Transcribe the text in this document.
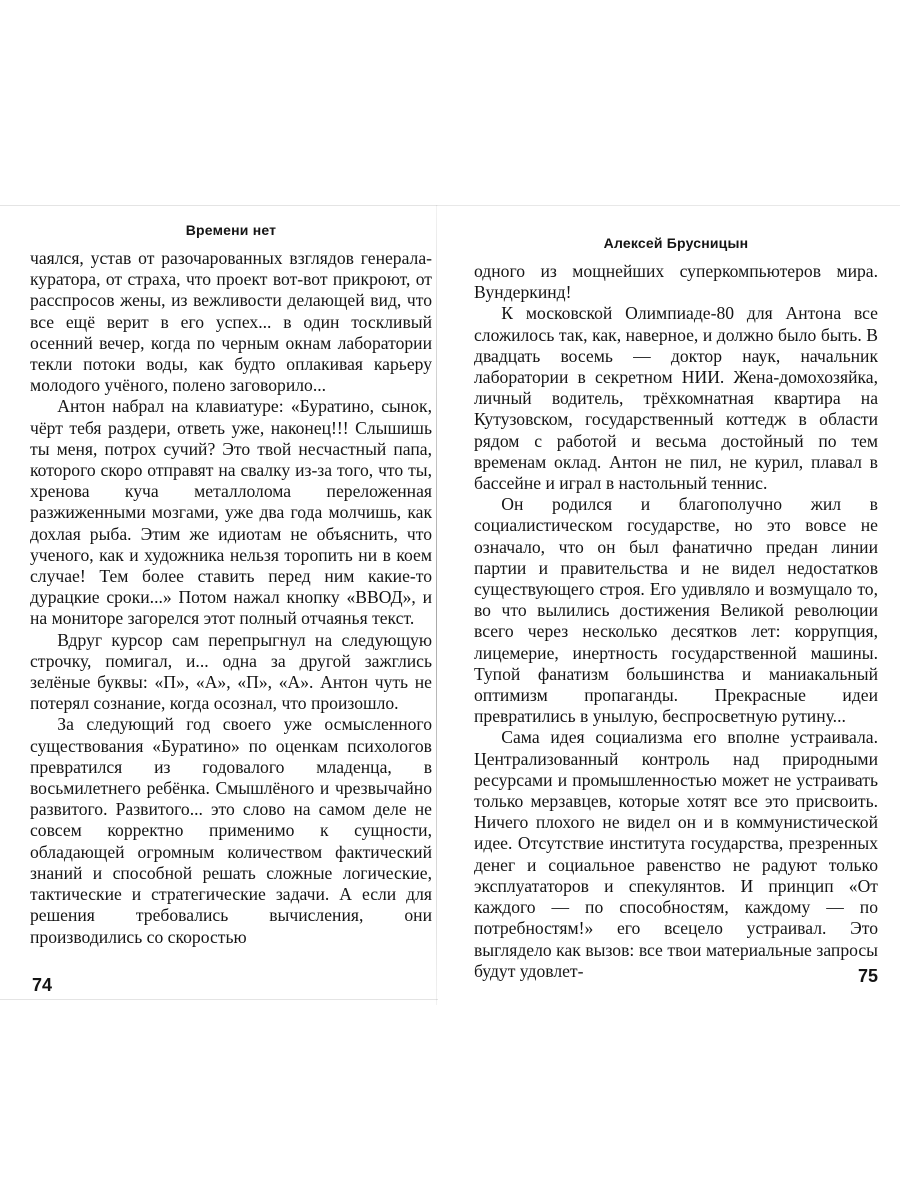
Времени нет

чаялся, устав от разочарованных взглядов генерала-куратора, от страха, что проект вот-вот прикроют, от расспросов жены, из вежливости делающей вид, что все ещё верит в его успех... в один тоскливый осенний вечер, когда по черным окнам лаборатории текли потоки воды, как будто оплакивая карьеру молодого учёного, полено заговорило...

Антон набрал на клавиатуре: «Буратино, сынок, чёрт тебя раздери, ответь уже, наконец!!! Слышишь ты меня, потрох сучий? Это твой несчастный папа, которого скоро отправят на свалку из-за того, что ты, хренова куча металлолома переложенная разжиженными мозгами, уже два года молчишь, как дохлая рыба. Этим же идиотам не объяснить, что ученого, как и художника нельзя торопить ни в коем случае! Тем более ставить перед ним какие-то дурацкие сроки...» Потом нажал кнопку «ВВОД», и на мониторе загорелся этот полный отчаянья текст.

Вдруг курсор сам перепрыгнул на следующую строчку, помигал, и... одна за другой зажглись зелёные буквы: «П», «А», «П», «А». Антон чуть не потерял сознание, когда осознал, что произошло.

За следующий год своего уже осмысленного существования «Буратино» по оценкам психологов превратился из годовалого младенца, в восьмилетнего ребёнка. Смышлёного и чрезвычайно развитого. Развитого... это слово на самом деле не совсем корректно применимо к сущности, обладающей огромным количеством фактический знаний и способной решать сложные логические, тактические и стратегические задачи. А если для решения требовались вычисления, они производились со скоростью

74
Алексей Брусницын

одного из мощнейших суперкомпьютеров мира. Вундеркинд!

К московской Олимпиаде-80 для Антона все сложилось так, как, наверное, и должно было быть. В двадцать восемь — доктор наук, начальник лаборатории в секретном НИИ. Жена-домохозяйка, личный водитель, трёхкомнатная квартира на Кутузовском, государственный коттедж в области рядом с работой и весьма достойный по тем временам оклад. Антон не пил, не курил, плавал в бассейне и играл в настольный теннис.

Он родился и благополучно жил в социалистическом государстве, но это вовсе не означало, что он был фанатично предан линии партии и правительства и не видел недостатков существующего строя. Его удивляло и возмущало то, во что вылились достижения Великой революции всего через несколько десятков лет: коррупция, лицемерие, инертность государственной машины. Тупой фанатизм большинства и маниакальный оптимизм пропаганды. Прекрасные идеи превратились в унылую, беспросветную рутину...

Сама идея социализма его вполне устраивала. Централизованный контроль над природными ресурсами и промышленностью может не устраивать только мерзавцев, которые хотят все это присвоить. Ничего плохого не видел он и в коммунистической идее. Отсутствие института государства, презренных денег и социальное равенство не радуют только эксплуататоров и спекулянтов. И принцип «От каждого — по способностям, каждому — по потребностям!» его всецело устраивал. Это выглядело как вызов: все твои материальные запросы будут удовлет-	75
